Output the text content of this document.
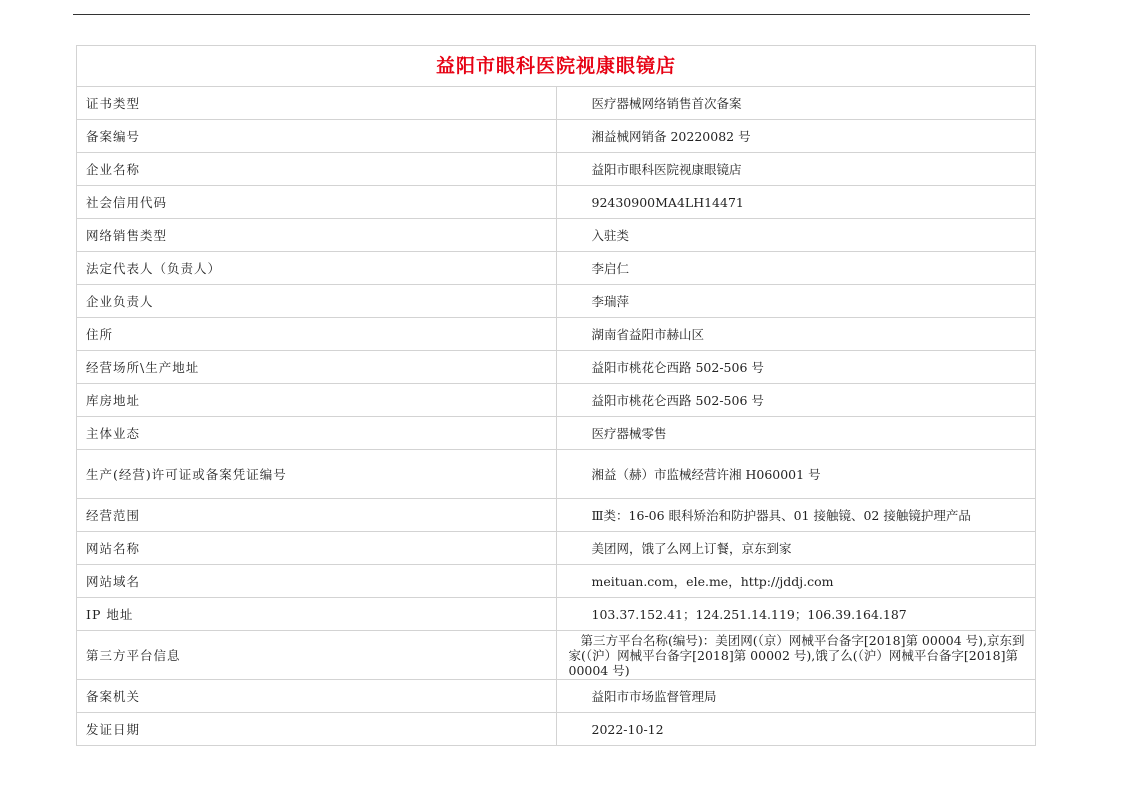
益阳市眼科医院视康眼镜店	
证书类型	医疗器械网络销售首次备案
备案编号	湘益械网销备 20220082 号
企业名称	益阳市眼科医院视康眼镜店
社会信用代码	92430900MA4LH14471
网络销售类型	入驻类
法定代表人（负责人）	李启仁
企业负责人	李瑞萍
住所	湖南省益阳市赫山区
经营场所\生产地址	益阳市桃花仑西路 502-506 号
库房地址	益阳市桃花仑西路 502-506 号
主体业态	医疗器械零售
生产(经营)许可证或备案凭证编号	湘益（赫）市监械经营许湘 H060001 号
经营范围	Ⅲ类：16-06 眼科矫治和防护器具、01 接触镜、02 接触镜护理产品
网站名称	美团网，饿了么网上订餐，京东到家
网站域名	meituan.com，ele.me，http://jddj.com
IP 地址	103.37.152.41；124.251.14.119；106.39.164.187
第三方平台信息	第三方平台名称(编号)：美团网(（京）网械平台备字[2018]第 00004 号),京东到家(（沪）网械平台备字[2018]第 00002 号),饿了么(（沪）网械平台备字[2018]第 00004 号)
备案机关	益阳市市场监督管理局
发证日期	2022-10-12
